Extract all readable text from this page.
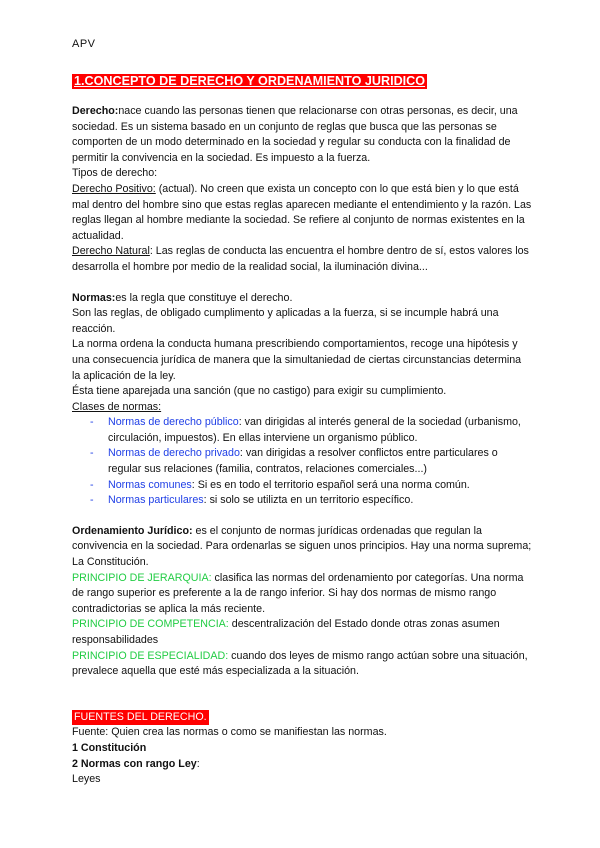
APV
1.CONCEPTO DE DERECHO Y ORDENAMIENTO JURIDICO

Derecho:nace cuando las personas tienen que relacionarse con otras personas, es decir, una sociedad. Es un sistema basado en un conjunto de reglas que busca que las personas se comporten de un modo determinado en la sociedad y regular su conducta con la finalidad de permitir la convivencia en la sociedad. Es impuesto a la fuerza.

Tipos de derecho:

Derecho Positivo: (actual). No creen que exista un concepto con lo que está bien y lo que está mal dentro del hombre sino que estas reglas aparecen mediante el entendimiento y la razón. Las reglas llegan al hombre mediante la sociedad. Se refiere al conjunto de normas existentes en la actualidad.

Derecho Natural: Las reglas de conducta las encuentra el hombre dentro de sí, estos valores los desarrolla el hombre por medio de la realidad social, la iluminación divina...

Normas:es la regla que constituye el derecho.

Son las reglas, de obligado cumplimento y aplicadas a la fuerza, si se incumple habrá una reacción.

La norma ordena la conducta humana prescribiendo comportamientos, recoge una hipótesis y una consecuencia jurídica de manera que la simultaniedad de ciertas circunstancias determina la aplicación de la ley.

Ésta tiene aparejada una sanción (que no castigo) para exigir su cumplimiento.

Clases de normas:

- Normas de derecho público: van dirigidas al interés general de la sociedad (urbanismo, circulación, impuestos). En ellas interviene un organismo público.
- Normas de derecho privado: van dirigidas a resolver conflictos entre particulares o regular sus relaciones (familia, contratos, relaciones comerciales...)
- Normas comunes: Si es en todo el territorio español será una norma común.
- Normas particulares: si solo se utilizta en un territorio específico.

Ordenamiento Jurídico: es el conjunto de normas jurídicas ordenadas que regulan la convivencia en la sociedad. Para ordenarlas se siguen unos principios. Hay una norma suprema; La Constitución.

PRINCIPIO DE JERARQUIA: clasifica las normas del ordenamiento por categorías. Una norma de rango superior es preferente a la de rango inferior. Si hay dos normas de mismo rango contradictorias se aplica la más reciente.

PRINCIPIO DE COMPETENCIA: descentralización del Estado donde otras zonas asumen responsabilidades

PRINCIPIO DE ESPECIALIDAD: cuando dos leyes de mismo rango actúan sobre una situación, prevalece aquella que esté más especializada a la situación.

FUENTES DEL DERECHO.

Fuente: Quien crea las normas o como se manifiestan las normas.

1 Constitución

2 Normas con rango Ley:

Leyes
